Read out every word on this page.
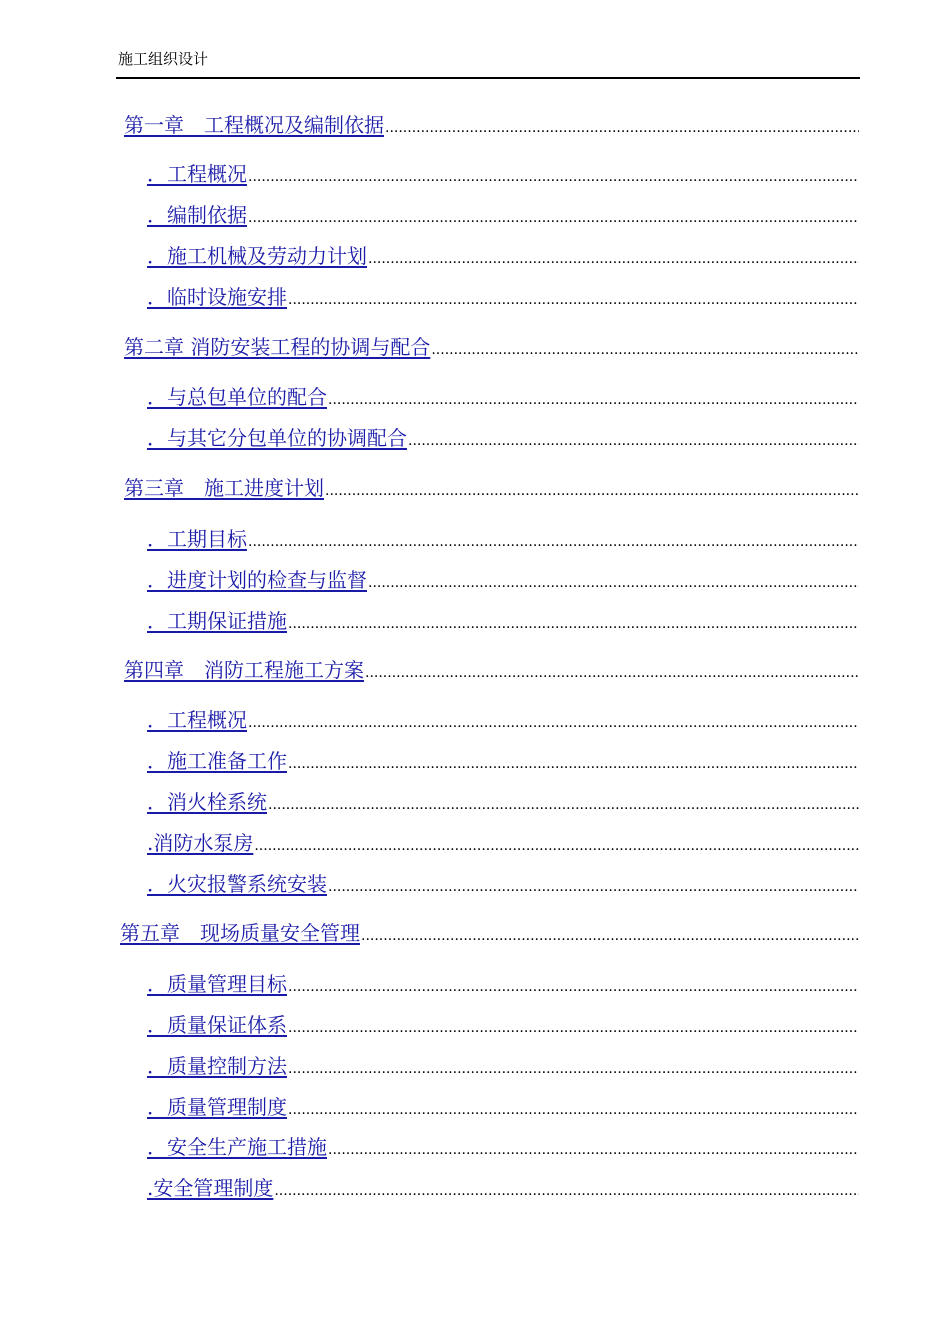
施工组织设计
第一章　工程概况及编制依据
.....
．工程概况
.....
．编制依据
.....
．施工机械及劳动力计划
.....
．临时设施安排
.....
第二章 消防安装工程的协调与配合
.....
．与总包单位的配合
.....
．与其它分包单位的协调配合
.....
第三章　施工进度计划
.....
．工期目标
.....
．进度计划的检查与监督
.....
．工期保证措施
.....
第四章　消防工程施工方案
.....
．工程概况
.....
．施工准备工作
.....
．消火栓系统
.....
.消防水泵房
.....
．火灾报警系统安装
.....
第五章　现场质量安全管理
.....
．质量管理目标
.....
．质量保证体系
.....
．质量控制方法
.....
．质量管理制度
.....
．安全生产施工措施
.....
.安全管理制度
.....
